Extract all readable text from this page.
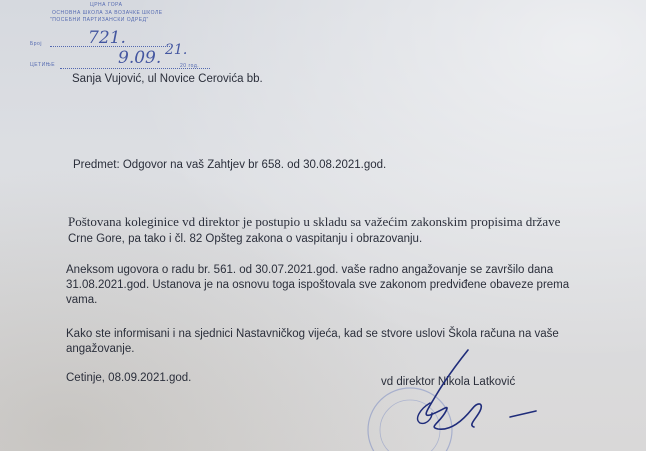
ЦРНА ГОРА
ОСНОВНА ШКОЛА ЗА ВОЗАЧКЕ ШКОЛЕ
"ПОСЕБНИ ПАРТИЗАНСКИ ОДРЕД"
Број	721.
ЦЕТИЊЕ	9.09. 21.
20 год.
Sanja Vujović, ul Novice Cerovića bb.
Predmet: Odgovor na vaš Zahtjev br 658. od 30.08.2021.god.
Poštovana koleginice vd direktor je postupio u skladu sa važećim zakonskim propisima države
Crne Gore, pa tako i čl. 82 Opšteg zakona o vaspitanju i obrazovanju.
Aneksom ugovora o radu br. 561. od 30.07.2021.god. vaše radno angažovanje se završilo dana
31.08.2021.god. Ustanova je na osnovu toga ispoštovala sve zakonom predviđene obaveze prema
vama.
Kako ste informisani i na sjednici Nastavničkog vijeća, kad se stvore uslovi Škola računa na vaše
angažovanje.
Cetinje, 08.09.2021.god.	vd direktor Nikola Latković
